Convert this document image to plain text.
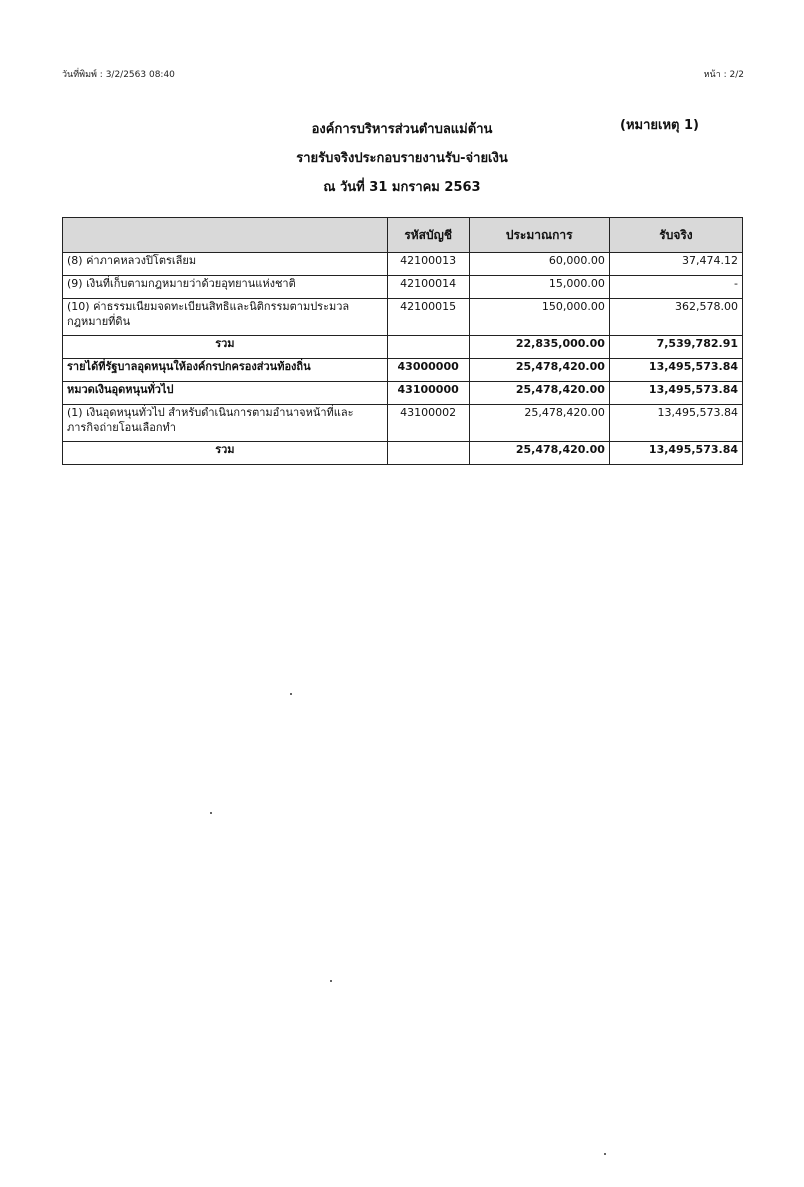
วันที่พิมพ์ : 3/2/2563 08:40	หน้า : 2/2
องค์การบริหารส่วนตำบลแม่ต้าน	(หมายเหตุ 1)
รายรับจริงประกอบรายงานรับ-จ่ายเงิน
ณ วันที่ 31 มกราคม 2563
	รหัสบัญชี	ประมาณการ	รับจริง
(8) ค่าภาคหลวงปิโตรเลียม	42100013	60,000.00	37,474.12
(9) เงินที่เก็บตามกฎหมายว่าด้วยอุทยานแห่งชาติ	42100014	15,000.00	-
(10) ค่าธรรมเนียมจดทะเบียนสิทธิและนิติกรรมตามประมวลกฎหมายที่ดิน	42100015	150,000.00	362,578.00
รวม		22,835,000.00	7,539,782.91
รายได้ที่รัฐบาลอุดหนุนให้องค์กรปกครองส่วนท้องถิ่น	43000000	25,478,420.00	13,495,573.84
หมวดเงินอุดหนุนทั่วไป	43100000	25,478,420.00	13,495,573.84
(1) เงินอุดหนุนทั่วไป สำหรับดำเนินการตามอำนาจหน้าที่และภารกิจถ่ายโอนเลือกทำ	43100002	25,478,420.00	13,495,573.84
รวม		25,478,420.00	13,495,573.84
